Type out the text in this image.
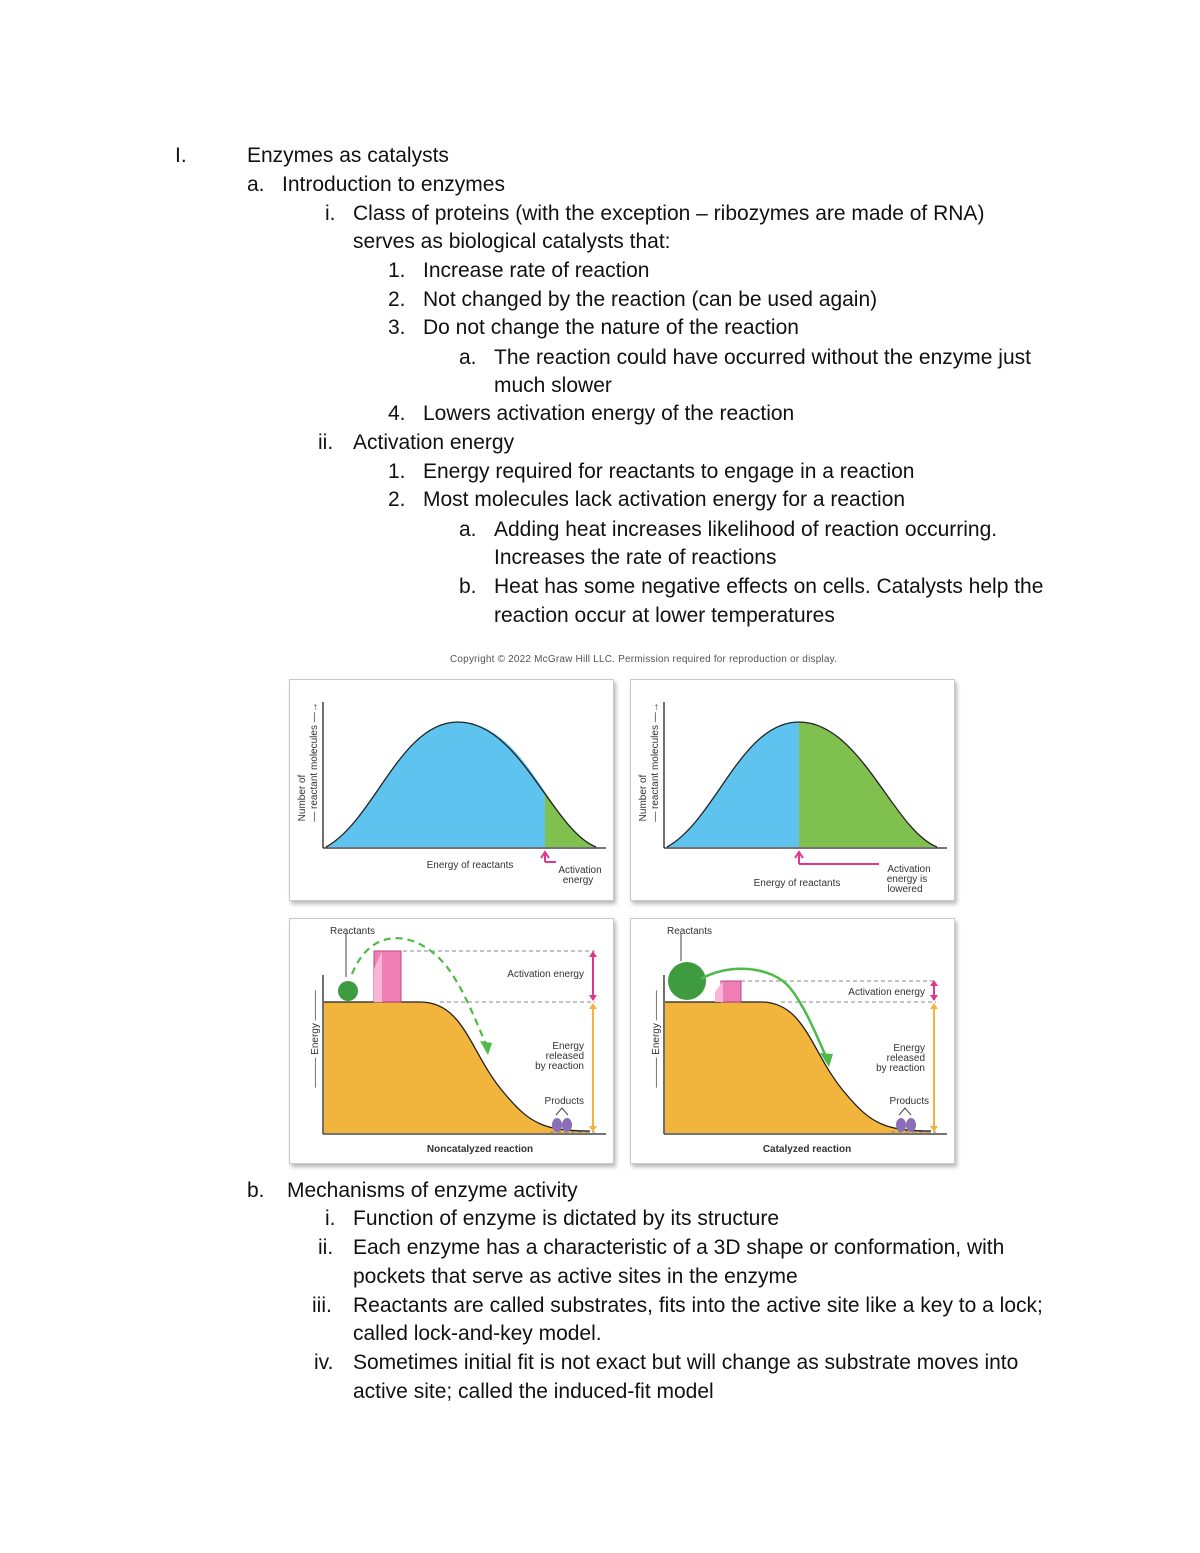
I.	Enzymes as catalysts
a. Introduction to enzymes
i. Class of proteins (with the exception – ribozymes are made of RNA)
serves as biological catalysts that:
1. Increase rate of reaction
2. Not changed by the reaction (can be used again)
3. Do not change the nature of the reaction
a. The reaction could have occurred without the enzyme just
much slower
4. Lowers activation energy of the reaction
ii. Activation energy
1. Energy required for reactants to engage in a reaction
2. Most molecules lack activation energy for a reaction
a. Adding heat increases likelihood of reaction occurring.
Increases the rate of reactions
b. Heat has some negative effects on cells. Catalysts help the
reaction occur at lower temperatures
Copyright © 2022 McGraw Hill LLC. Permission required for reproduction or display.
Number of — reactant molecules —→
Energy of reactants	Activation
energy
Number of — reactant molecules —→
Energy of reactants
Activation
energy is
lowered
Reactants
Activation energy
Energy
released
by reaction
Products
——— Energy ———
Noncatalyzed reaction
Reactants
Activation energy
Energy
released
by reaction
Products
——— Energy ———
Catalyzed reaction
b. Mechanisms of enzyme activity
i. Function of enzyme is dictated by its structure
ii. Each enzyme has a characteristic of a 3D shape or conformation, with
pockets that serve as active sites in the enzyme
iii. Reactants are called substrates, fits into the active site like a key to a lock;
called lock-and-key model.
iv. Sometimes initial fit is not exact but will change as substrate moves into
active site; called the induced-fit model
